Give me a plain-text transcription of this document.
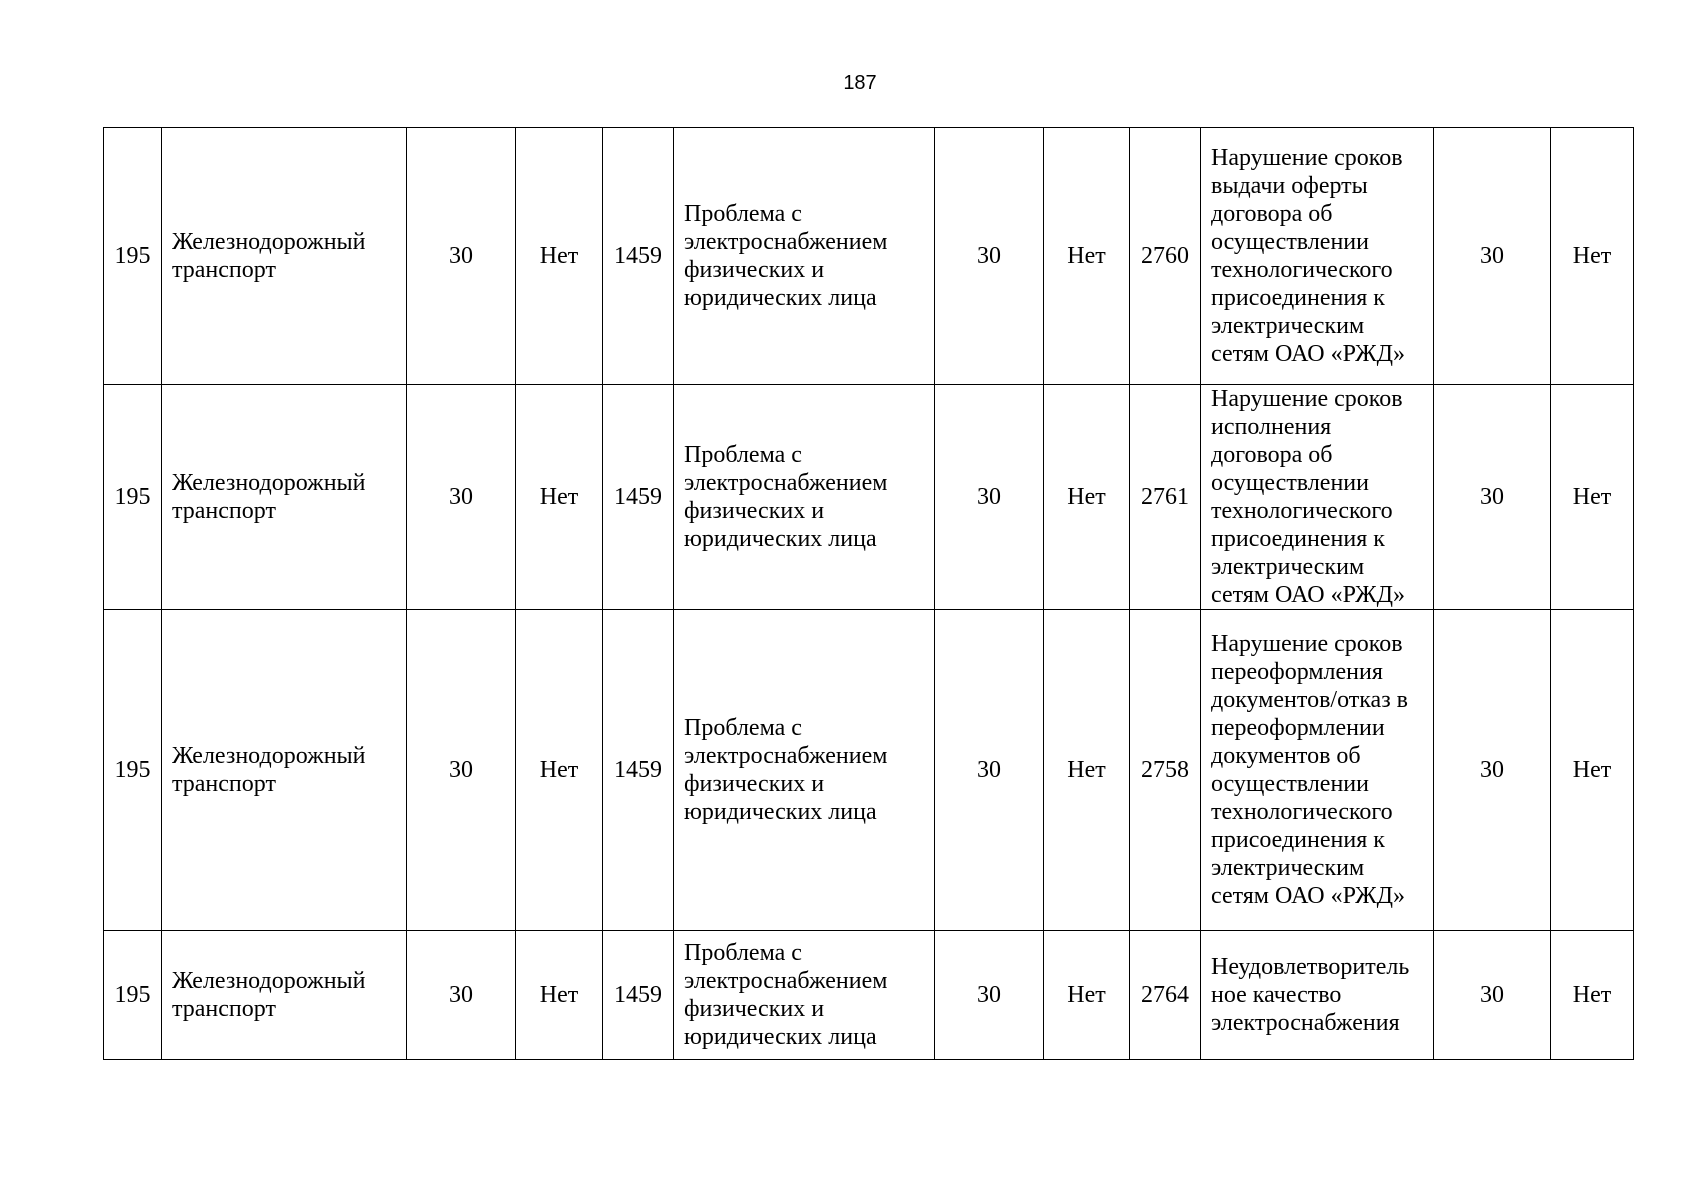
187
195	Железнодорожный транспорт	30	Нет	1459	Проблема с электроснабжением физических и юридических лица	30	Нет	2760	Нарушение сроков выдачи оферты договора об осуществлении технологического присоединения к электрическим сетям ОАО «РЖД»	30	Нет
195	Железнодорожный транспорт	30	Нет	1459	Проблема с электроснабжением физических и юридических лица	30	Нет	2761	Нарушение сроков исполнения договора об осуществлении технологического присоединения к электрическим сетям ОАО «РЖД»	30	Нет
195	Железнодорожный транспорт	30	Нет	1459	Проблема с электроснабжением физических и юридических лица	30	Нет	2758	Нарушение сроков переоформления документов/отказ в переоформлении документов об осуществлении технологического присоединения к электрическим сетям ОАО «РЖД»	30	Нет
195	Железнодорожный транспорт	30	Нет	1459	Проблема с электроснабжением физических и юридических лица	30	Нет	2764	Неудовлетворитель ное качество электроснабжения	30	Нет
